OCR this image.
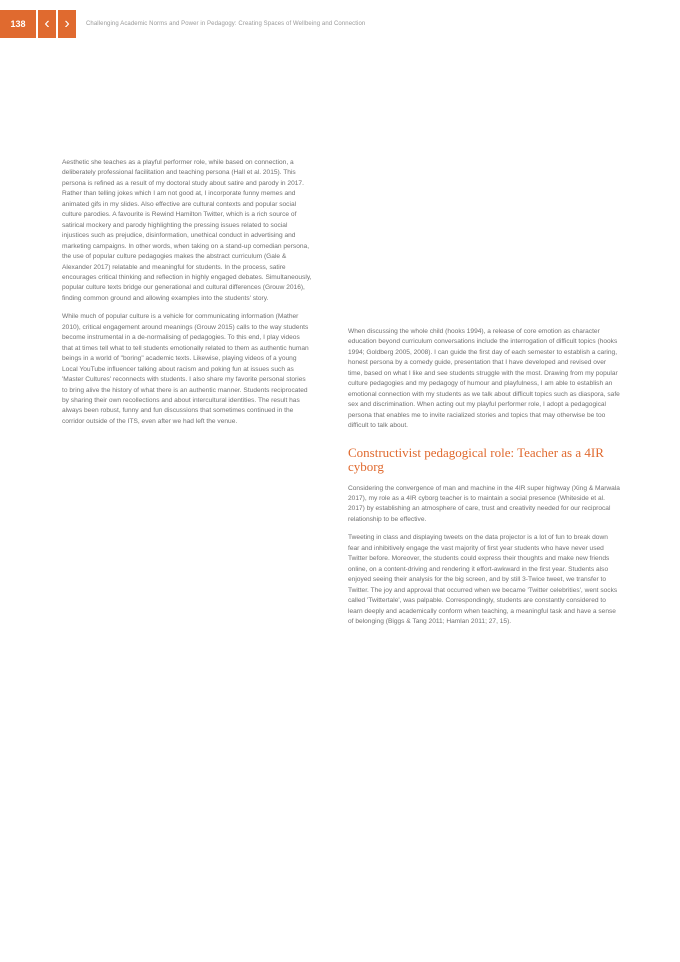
138 ‹ ›	Challenging Academic Norms and Power in Pedagogy: Creating Spaces of Wellbeing and Connection

Aesthetic she teaches as a playful performer role, while based on connection, a deliberately professional facilitation and teaching persona (Hall et al. 2015). This persona is refined as a result of my doctoral study about satire and parody in 2017. Rather than telling jokes which I am not good at, I incorporate funny memes and animated gifs in my slides. Also effective are cultural contexts and popular social culture parodies. A favourite is Rewind Hamilton Twitter, which is a rich source of satirical mockery and parody highlighting the pressing issues related to social injustices such as prejudice, disinformation, unethical conduct in advertising and marketing campaigns. In other words, when taking on a stand-up comedian persona, the use of popular culture pedagogies makes the abstract curriculum (Gale & Alexander 2017) relatable and meaningful for students. In the process, satire encourages critical thinking and reflection in highly engaged debates. Simultaneously, popular culture texts bridge our generational and cultural differences (Grouw 2016), finding common ground and allowing examples into the students' story.

While much of popular culture is a vehicle for communicating information (Mather 2010), critical engagement around meanings (Grouw 2015) calls to the way students become instrumental in a de-normalising of pedagogies. To this end, I play videos that at times tell what to tell students emotionally related to them as authentic human beings in a world of "boring" academic texts. Likewise, playing videos of a young Local YouTube influencer talking about racism and poking fun at issues such as 'Master Cultures' reconnects with students. I also share my favorite personal stories to bring alive the history of what there is an authentic manner. Students reciprocated by sharing their own recollections and about intercultural identities. The result has always been robust, funny and fun discussions that sometimes continued in the corridor outside of the ITS, even after we had left the venue.

When discussing the whole child (hooks 1994), a release of core emotion as character education beyond curriculum conversations include the interrogation of difficult topics (hooks 1994; Goldberg 2005, 2008). I can guide the first day of each semester to establish a caring, honest persona by a comedy guide, presentation that I have developed and revised over time, based on what I like and see students struggle with the most. Drawing from my popular culture pedagogies and my pedagogy of humour and playfulness, I am able to establish an emotional connection with my students as we talk about difficult topics such as diaspora, safe sex and discrimination. When acting out my playful performer role, I adopt a pedagogical persona that enables me to invite racialized stories and topics that may otherwise be too difficult to talk about.

Constructivist pedagogical role: Teacher as a 4IR cyborg

Considering the convergence of man and machine in the 4IR super highway (Xing & Marwala 2017), my role as a 4IR cyborg teacher is to maintain a social presence (Whiteside et al. 2017) by establishing an atmosphere of care, trust and creativity needed for our reciprocal relationship to be effective.

Tweeting in class and displaying tweets on the data projector is a lot of fun to break down fear and inhibitively engage the vast majority of first year students who have never used Twitter before. Moreover, the students could express their thoughts and make new friends online, on a content-driving and rendering it effort-awkward in the first year. Students also enjoyed seeing their analysis for the big screen, and by still 3-Twice tweet, we transfer to Twitter. The joy and approval that occurred when we became 'Twitter celebrities', went socks called 'Twittertale', was palpable. Correspondingly, students are constantly considered to learn deeply and academically conform when teaching, a meaningful task and have a sense of belonging (Biggs & Tang 2011; Hamlan 2011; 27, 15).
